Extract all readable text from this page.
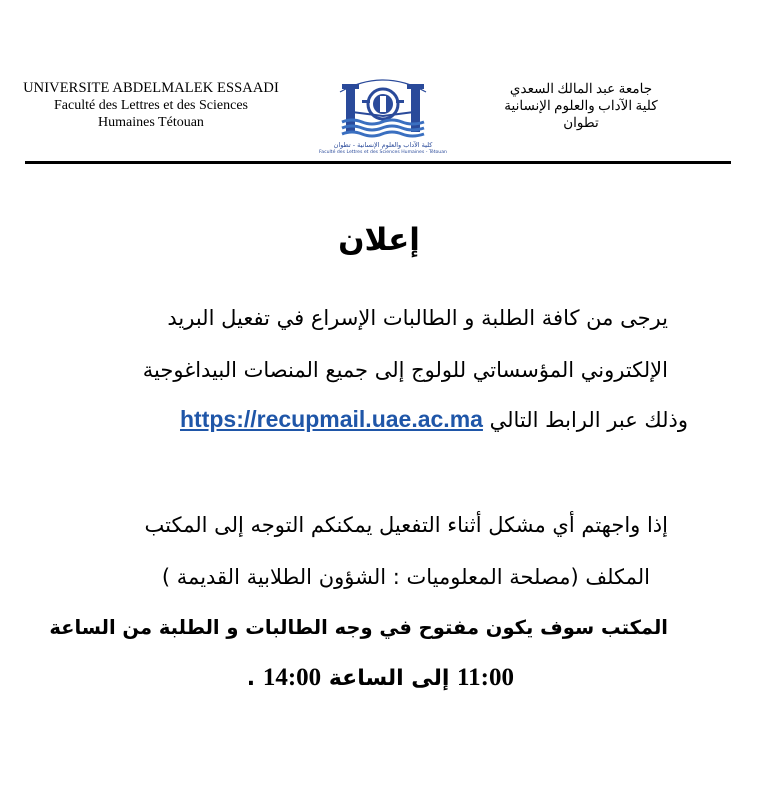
UNIVERSITE ABDELMALEK ESSAADI
Faculté des Lettres et des Sciences
Humaines Tétouan
جامعة عبد المالك السعدي
كلية الآداب والعلوم الإنسانية
تطوان
كلية الآداب والعلوم الإنسانية - تطوان
Faculté des Lettres et des Sciences Humaines - Tétouan
إعلان
يرجى من كافة الطلبة و الطالبات الإسراع في تفعيل البريد
الإلكتروني المؤسساتي للولوج إلى جميع المنصات البيداغوجية
وذلك عبر الرابط التالي https://recupmail.uae.ac.ma
إذا واجهتم أي مشكل أثناء التفعيل يمكنكم التوجه إلى المكتب
المكلف (مصلحة المعلوميات : الشؤون الطلابية القديمة )
المكتب سوف يكون مفتوح في وجه الطالبات و الطلبة من الساعة
11:00 إلى الساعة 14:00 .
